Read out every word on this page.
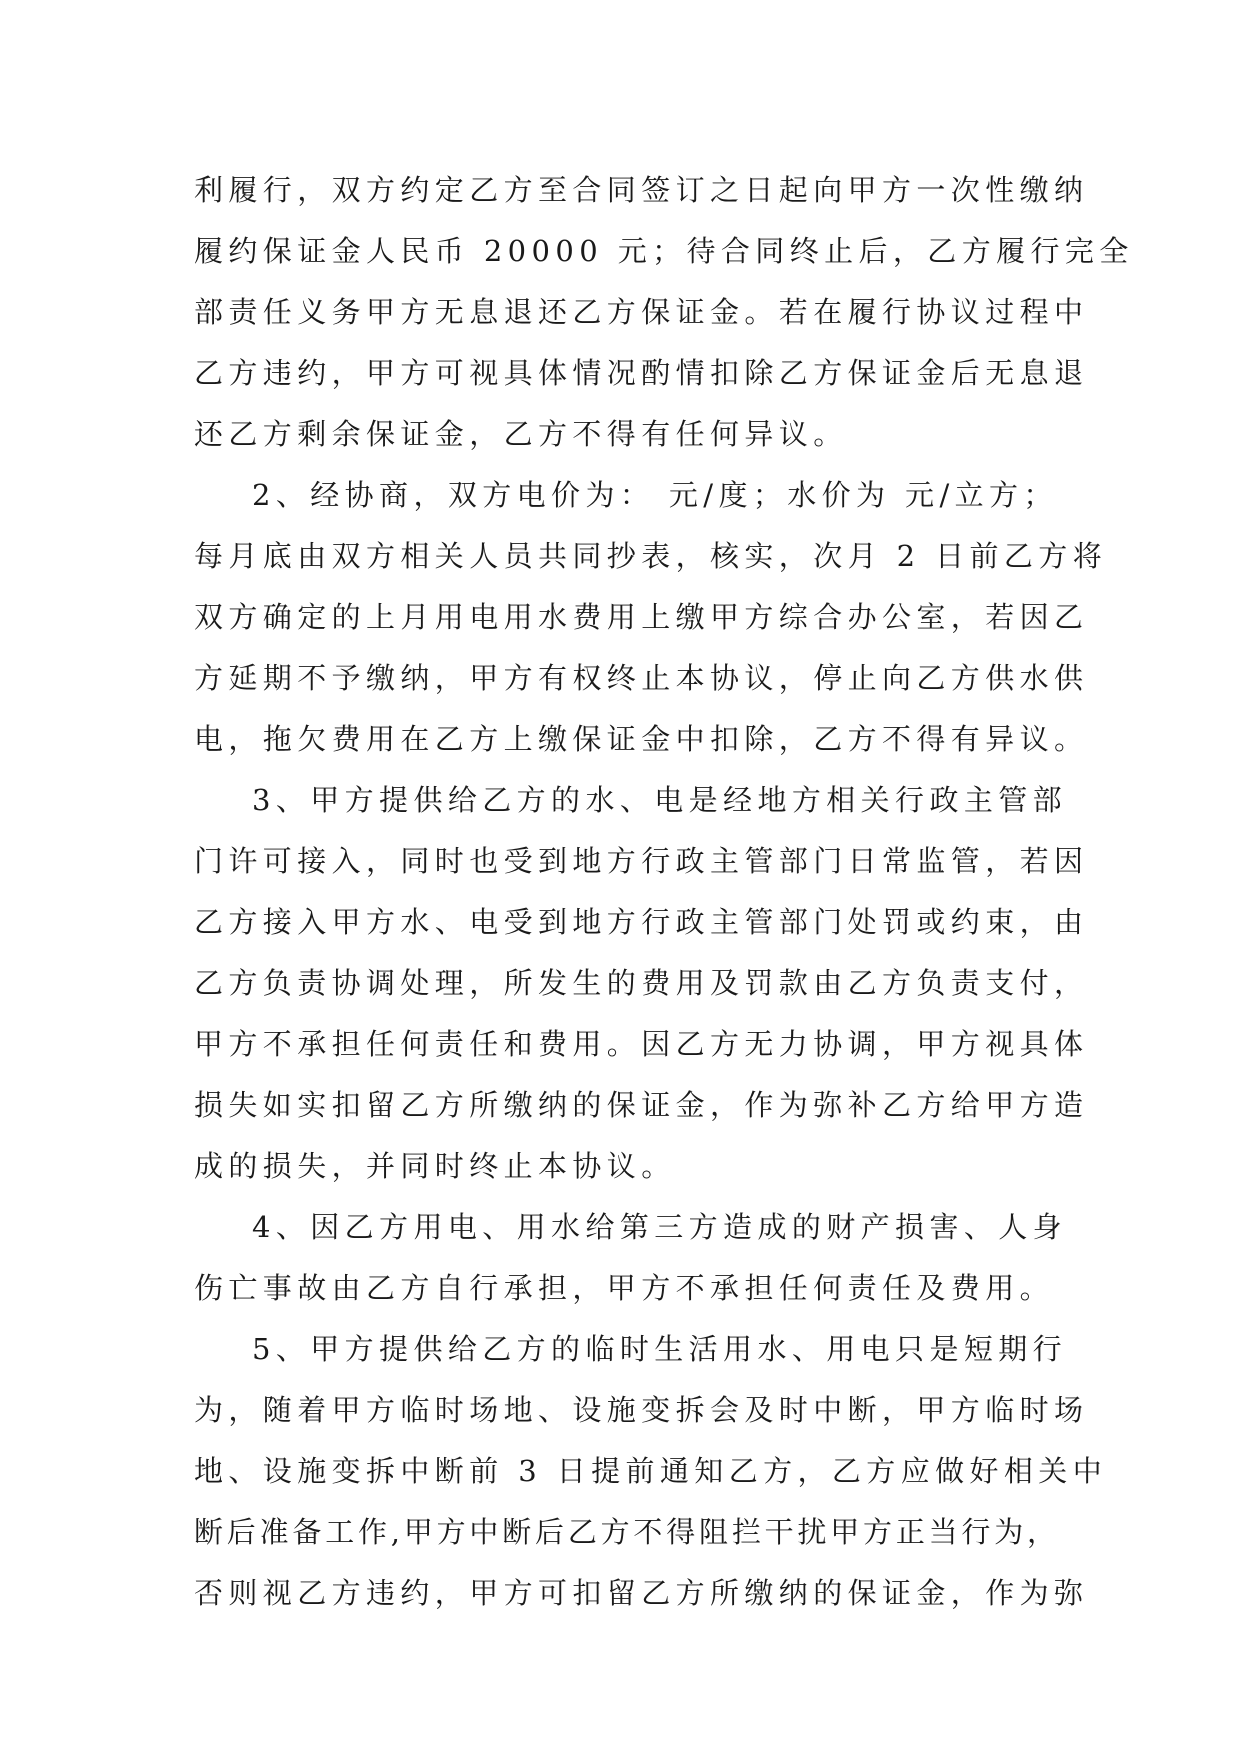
利履行，双方约定乙方至合同签订之日起向甲方一次性缴纳
履约保证金人民币 20000 元；待合同终止后，乙方履行完全
部责任义务甲方无息退还乙方保证金。若在履行协议过程中
乙方违约，甲方可视具体情况酌情扣除乙方保证金后无息退
还乙方剩余保证金，乙方不得有任何异议。
2、经协商，双方电价为： 元/度；水价为 元/立方；
每月底由双方相关人员共同抄表，核实，次月 2 日前乙方将
双方确定的上月用电用水费用上缴甲方综合办公室，若因乙
方延期不予缴纳，甲方有权终止本协议，停止向乙方供水供
电，拖欠费用在乙方上缴保证金中扣除，乙方不得有异议。
3、甲方提供给乙方的水、电是经地方相关行政主管部
门许可接入，同时也受到地方行政主管部门日常监管，若因
乙方接入甲方水、电受到地方行政主管部门处罚或约束，由
乙方负责协调处理，所发生的费用及罚款由乙方负责支付，
甲方不承担任何责任和费用。因乙方无力协调，甲方视具体
损失如实扣留乙方所缴纳的保证金，作为弥补乙方给甲方造
成的损失，并同时终止本协议。
4、因乙方用电、用水给第三方造成的财产损害、人身
伤亡事故由乙方自行承担，甲方不承担任何责任及费用。
5、甲方提供给乙方的临时生活用水、用电只是短期行
为，随着甲方临时场地、设施变拆会及时中断，甲方临时场
地、设施变拆中断前 3 日提前通知乙方，乙方应做好相关中
断后准备工作,甲方中断后乙方不得阻拦干扰甲方正当行为，
否则视乙方违约，甲方可扣留乙方所缴纳的保证金，作为弥
